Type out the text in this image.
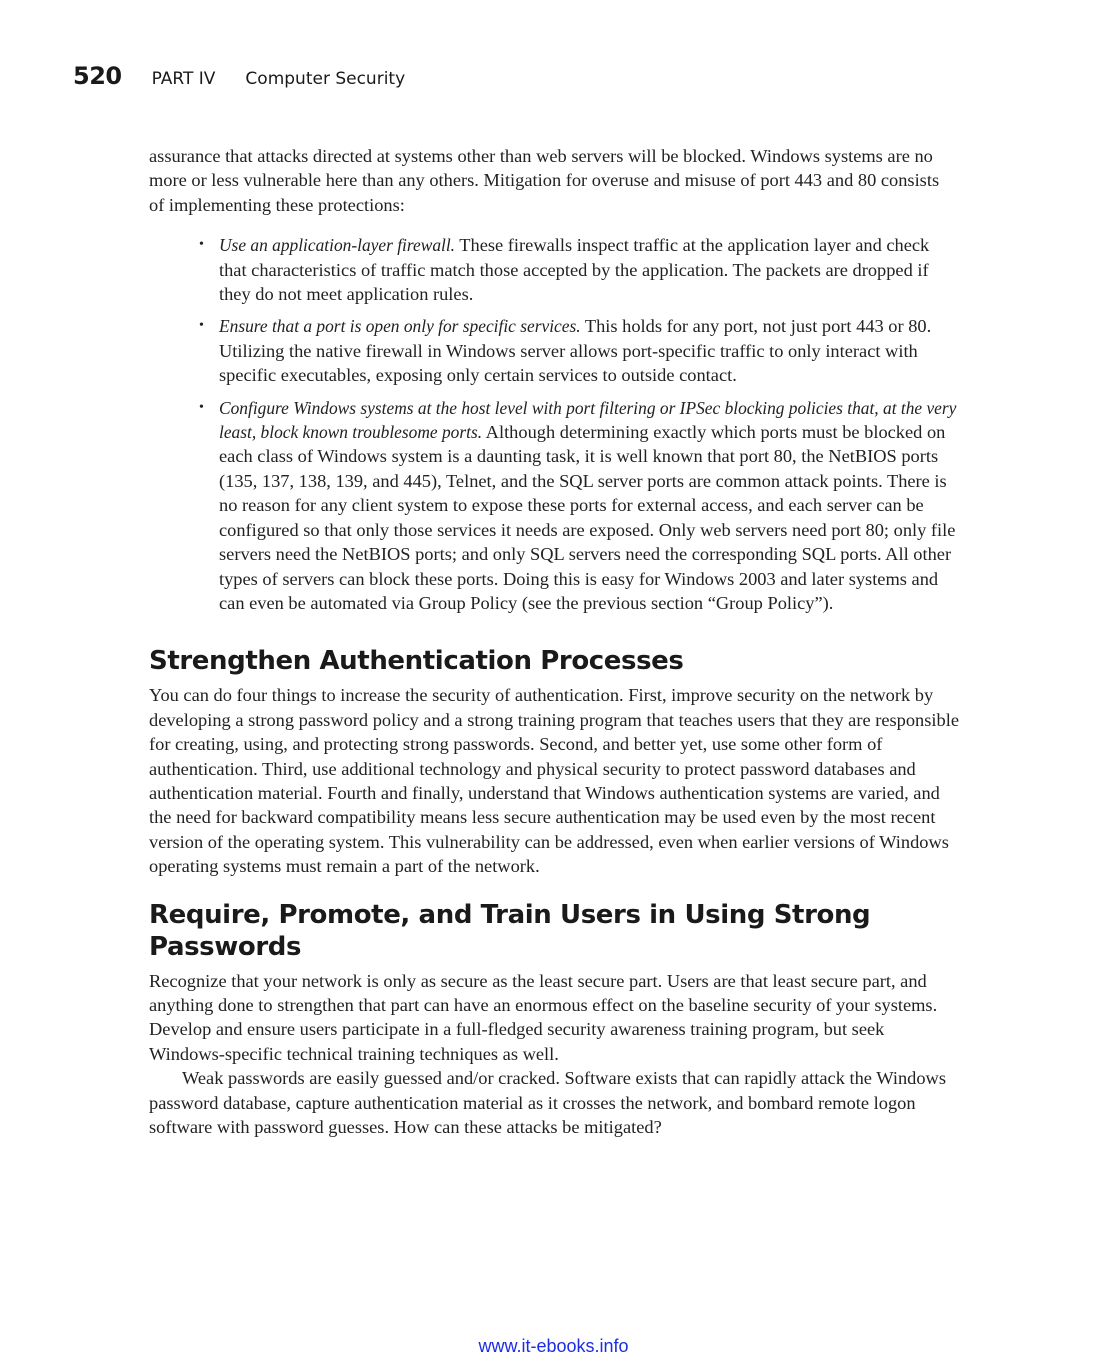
520 PART IV Computer Security

assurance that attacks directed at systems other than web servers will be blocked. Windows systems are no more or less vulnerable here than any others. Mitigation for overuse and misuse of port 443 and 80 consists of implementing these protections:

• Use an application-layer firewall. These firewalls inspect traffic at the application layer and check that characteristics of traffic match those accepted by the application. The packets are dropped if they do not meet application rules.
• Ensure that a port is open only for specific services. This holds for any port, not just port 443 or 80. Utilizing the native firewall in Windows server allows port-specific traffic to only interact with specific executables, exposing only certain services to outside contact.
• Configure Windows systems at the host level with port filtering or IPSec blocking policies that, at the very least, block known troublesome ports. Although determining exactly which ports must be blocked on each class of Windows system is a daunting task, it is well known that port 80, the NetBIOS ports (135, 137, 138, 139, and 445), Telnet, and the SQL server ports are common attack points. There is no reason for any client system to expose these ports for external access, and each server can be configured so that only those services it needs are exposed. Only web servers need port 80; only file servers need the NetBIOS ports; and only SQL servers need the corresponding SQL ports. All other types of servers can block these ports. Doing this is easy for Windows 2003 and later systems and can even be automated via Group Policy (see the previous section “Group Policy”).
Strengthen Authentication Processes

You can do four things to increase the security of authentication. First, improve security on the network by developing a strong password policy and a strong training program that teaches users that they are responsible for creating, using, and protecting strong passwords. Second, and better yet, use some other form of authentication. Third, use additional technology and physical security to protect password databases and authentication material. Fourth and finally, understand that Windows authentication systems are varied, and the need for backward compatibility means less secure authentication may be used even by the most recent version of the operating system. This vulnerability can be addressed, even when earlier versions of Windows operating systems must remain a part of the network.

Require, Promote, and Train Users in Using Strong Passwords

Recognize that your network is only as secure as the least secure part. Users are that least secure part, and anything done to strengthen that part can have an enormous effect on the baseline security of your systems. Develop and ensure users participate in a full-fledged security awareness training program, but seek Windows-specific technical training techniques as well.

Weak passwords are easily guessed and/or cracked. Software exists that can rapidly attack the Windows password database, capture authentication material as it crosses the network, and bombard remote logon software with password guesses. How can these attacks be mitigated?

www.it-ebooks.info
